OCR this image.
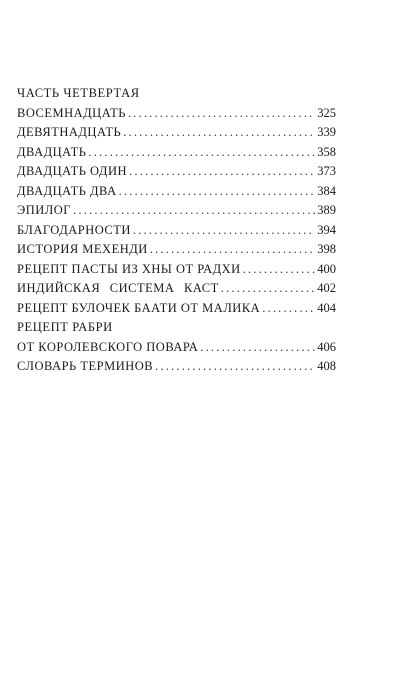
ЧАСТЬ ЧЕТВЕРТАЯ
ВОСЕМНАДЦАТЬ .....	325
ДЕВЯТНАДЦАТЬ .....	339
ДВАДЦАТЬ .....	358
ДВАДЦАТЬ ОДИН .....	373
ДВАДЦАТЬ ДВА .....	384
ЭПИЛОГ .....	389
БЛАГОДАРНОСТИ .....	394
ИСТОРИЯ МЕХЕНДИ .....	398
РЕЦЕПТ ПАСТЫ ИЗ ХНЫ ОТ РАДХИ .....	400
ИНДИЙСКАЯ СИСТЕМА КАСТ .....	402
РЕЦЕПТ БУЛОЧЕК БААТИ ОТ МАЛИКА .....	404
РЕЦЕПТ РАБРИ
ОТ КОРОЛЕВСКОГО ПОВАРА .....	406
СЛОВАРЬ ТЕРМИНОВ .....	408
